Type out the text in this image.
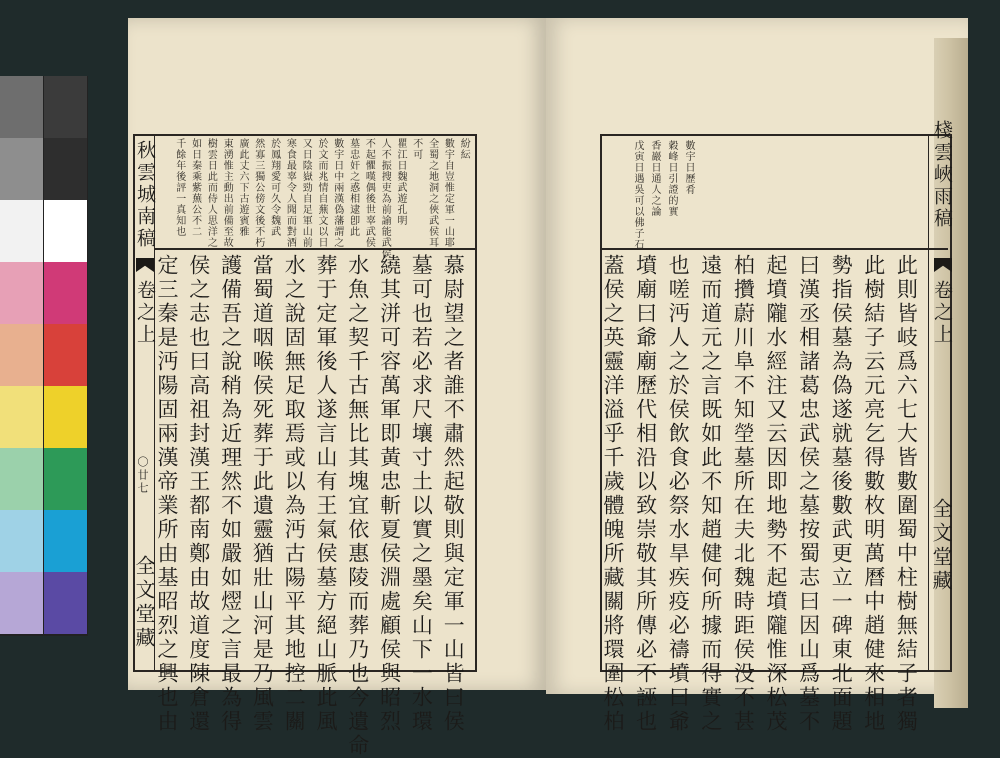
秋雲城南稿
卷之上
〇廿七
全文堂藏
紛紜
數宇自豈惟定軍一山耶
全蜀之地洞之俠武侯耳
不可
瞿江日魏武遊孔明
人不振搜吏為前諭能武侯
不起懼嘆偶後世辜武侯
墓忠奸之惑相逮卽此
數宇日中兩漢偽藩謂之
於文而兆情自蕪文以日
又日陰嶽勁自足軍山前
寒食最辜令人聞而對酒
於鳳翔愛可久令魏武
然寡三獨公傍文後不朽
廣此丈六下古遊賓雅
東湧惟主動出前備至故
樹雲日此而侍人思洋之
如日秦乘紫蕪公不二
千餘年後評一真知也
慕尉望之者誰不肅然起敬則與定軍一山皆曰侯
墓可也若必求尺壤寸土以實之墨矣山下一水環
繞其洴可容萬軍即黃忠斬夏侯淵處顧侯與昭烈
水魚之契千古無比其塊宜依惠陵而葬乃也今遺命
葬于定軍後人遂言山有王氣侯墓方絕山脈此風
水之說固無足取焉或以為沔古陽平其地控二關
當蜀道咽喉侯死葬于此遺靈猶壯山河是乃風雲
護備吾之說稍為近理然不如嚴如熤之言最為得
侯之志也曰高祖封漢王都南鄭由故道度陳倉還
定三秦是沔陽固兩漢帝業所由基昭烈之興也由
棧雲峽雨稿
卷之上
全文堂藏
數宇日歷肴
穀峰日引證的實
香巖日通人之論
戊寅日遇吳可以佛子石
此則皆岐爲六七大皆數圍蜀中柱樹無結子者獨
此樹結子云元亮乞得數枚明萬曆中趙健來相地
勢指侯墓為偽遂就墓後數武更立一碑東北面題
曰漢丞相諸葛忠武侯之墓按蜀志曰因山爲墓不
起墳隴水經注又云因即地勢不起墳隴惟深松茂
柏攢蔚川阜不知塋墓所在夫北魏時距侯没不甚
遠而道元之言既如此不知趙健何所據而得實之
也嗟沔人之於侯飲食必祭水旱疾疫必禱墳曰爺
墳廟曰爺廟歷代相沿以致崇敬其所傳必不誣也
蓋侯之英靈洋溢乎千歲體魄所藏關將環圍松柏
